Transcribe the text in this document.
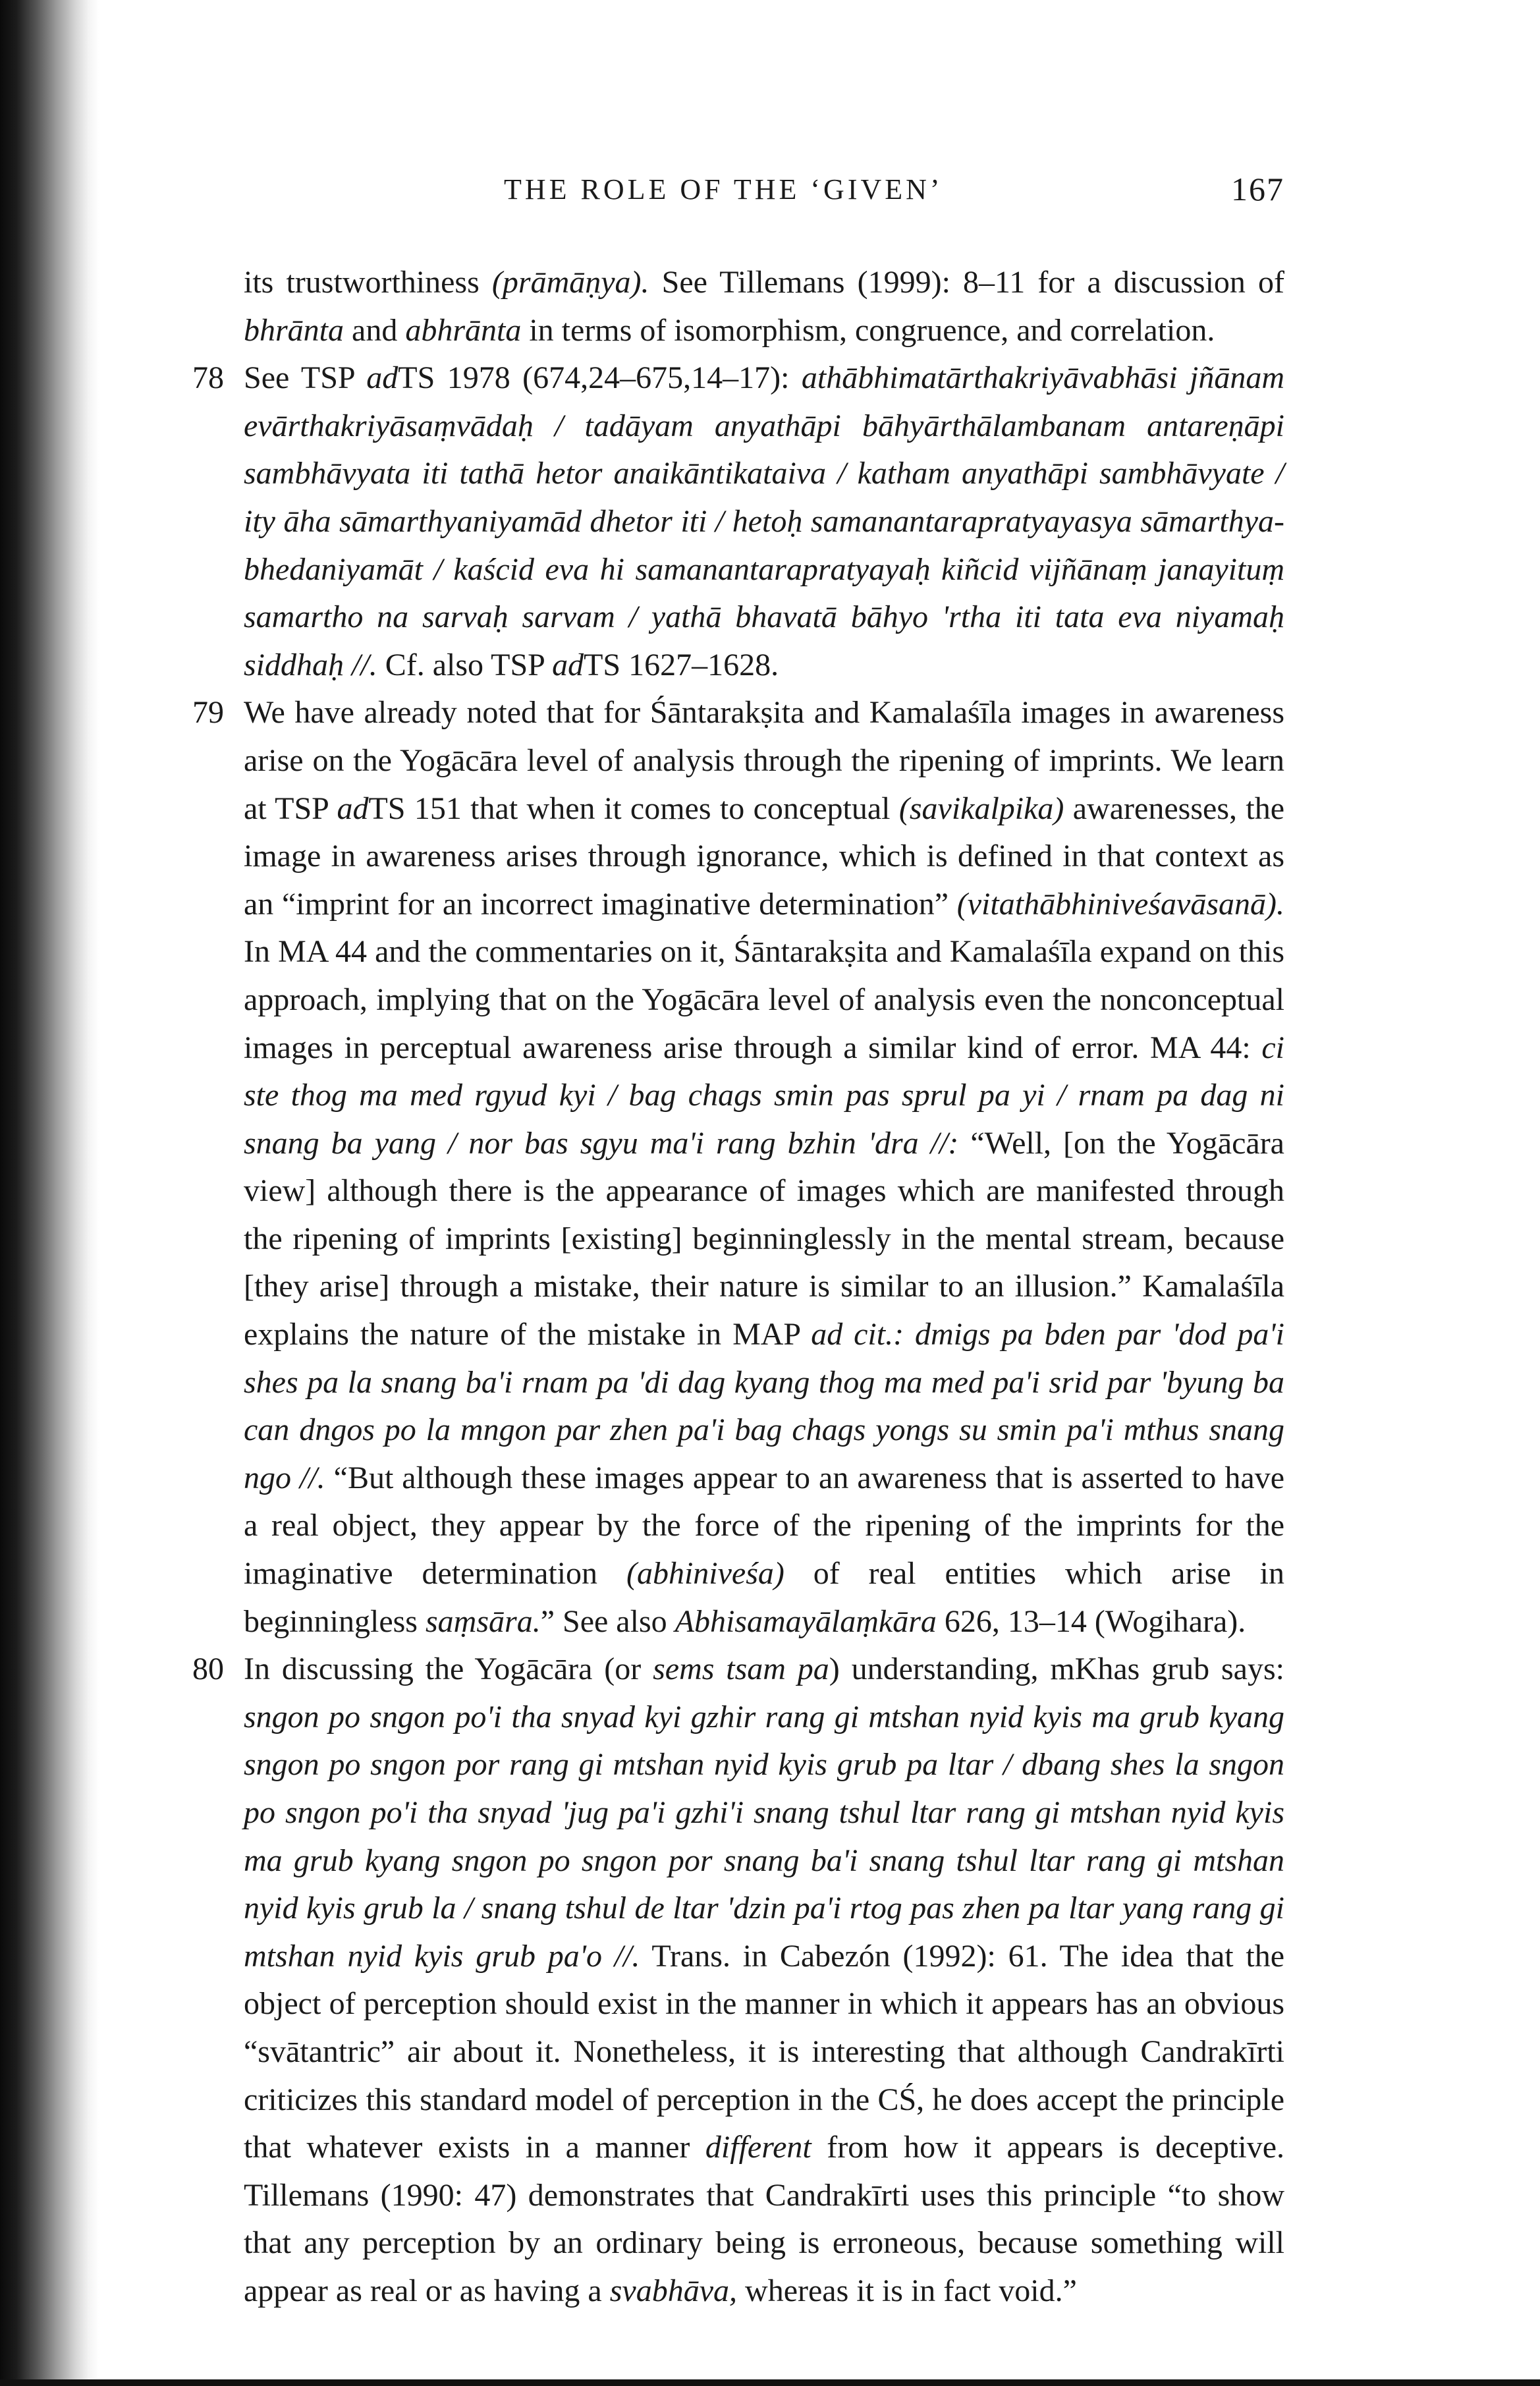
THE ROLE OF THE ‘GIVEN’	167

its trustworthiness (prāmāṇya). See Tillemans (1999): 8–11 for a discussion of bhrānta and abhrānta in terms of isomorphism, congruence, and correlation.

78 See TSP adTS 1978 (674,24–675,14–17): athābhimatārthakriyāvabhāsi jñānam evārthakriyāsaṃvādaḥ / tadāyam anyathāpi bāhyārthālambanam antareṇāpi sambhāvyata iti tathā hetor anaikāntikataiva / katham anyathāpi sambhāvyate / ity āha sāmarthyaniyamād dhetor iti / hetoḥ samanantarapratyayasya sāmarthyabhedaniyamāt / kaścid eva hi samanantarapratyayaḥ kiñcid vijñānaṃ janayituṃ samartho na sarvaḥ sarvam / yathā bhavatā bāhyo 'rtha iti tata eva niyamaḥ siddhaḥ //. Cf. also TSP adTS 1627–1628.

79 We have already noted that for Śāntarakṣita and Kamalaśīla images in awareness arise on the Yogācāra level of analysis through the ripening of imprints. We learn at TSP adTS 151 that when it comes to conceptual (savikalpika) awarenesses, the image in awareness arises through ignorance, which is defined in that context as an “imprint for an incorrect imaginative determination” (vitathābhiniveśavāsanā). In MA 44 and the commentaries on it, Śāntarakṣita and Kamalaśīla expand on this approach, implying that on the Yogācāra level of analysis even the nonconceptual images in perceptual awareness arise through a similar kind of error. MA 44: ci ste thog ma med rgyud kyi / bag chags smin pas sprul pa yi / rnam pa dag ni snang ba yang / nor bas sgyu ma'i rang bzhin 'dra //: “Well, [on the Yogācāra view] although there is the appearance of images which are manifested through the ripening of imprints [existing] beginninglessly in the mental stream, because [they arise] through a mistake, their nature is similar to an illusion.” Kamalaśīla explains the nature of the mistake in MAP ad cit.: dmigs pa bden par 'dod pa'i shes pa la snang ba'i rnam pa 'di dag kyang thog ma med pa'i srid par 'byung ba can dngos po la mngon par zhen pa'i bag chags yongs su smin pa'i mthus snang ngo //. “But although these images appear to an awareness that is asserted to have a real object, they appear by the force of the ripening of the imprints for the imaginative determination (abhiniveśa) of real entities which arise in beginningless saṃsāra.” See also Abhisamayālaṃkāra 626, 13–14 (Wogihara).

80 In discussing the Yogācāra (or sems tsam pa) understanding, mKhas grub says: sngon po sngon po'i tha snyad kyi gzhir rang gi mtshan nyid kyis ma grub kyang sngon po sngon por rang gi mtshan nyid kyis grub pa ltar / dbang shes la sngon po sngon po'i tha snyad 'jug pa'i gzhi'i snang tshul ltar rang gi mtshan nyid kyis ma grub kyang sngon po sngon por snang ba'i snang tshul ltar rang gi mtshan nyid kyis grub la / snang tshul de ltar 'dzin pa'i rtog pas zhen pa ltar yang rang gi mtshan nyid kyis grub pa'o //. Trans. in Cabezón (1992): 61. The idea that the object of perception should exist in the manner in which it appears has an obvious “svātantric” air about it. Nonetheless, it is interesting that although Candrakīrti criticizes this standard model of perception in the CŚ, he does accept the principle that whatever exists in a manner different from how it appears is deceptive. Tillemans (1990: 47) demonstrates that Candrakīrti uses this principle “to show that any perception by an ordinary being is erroneous, because something will appear as real or as having a svabhāva, whereas it is in fact void.”
